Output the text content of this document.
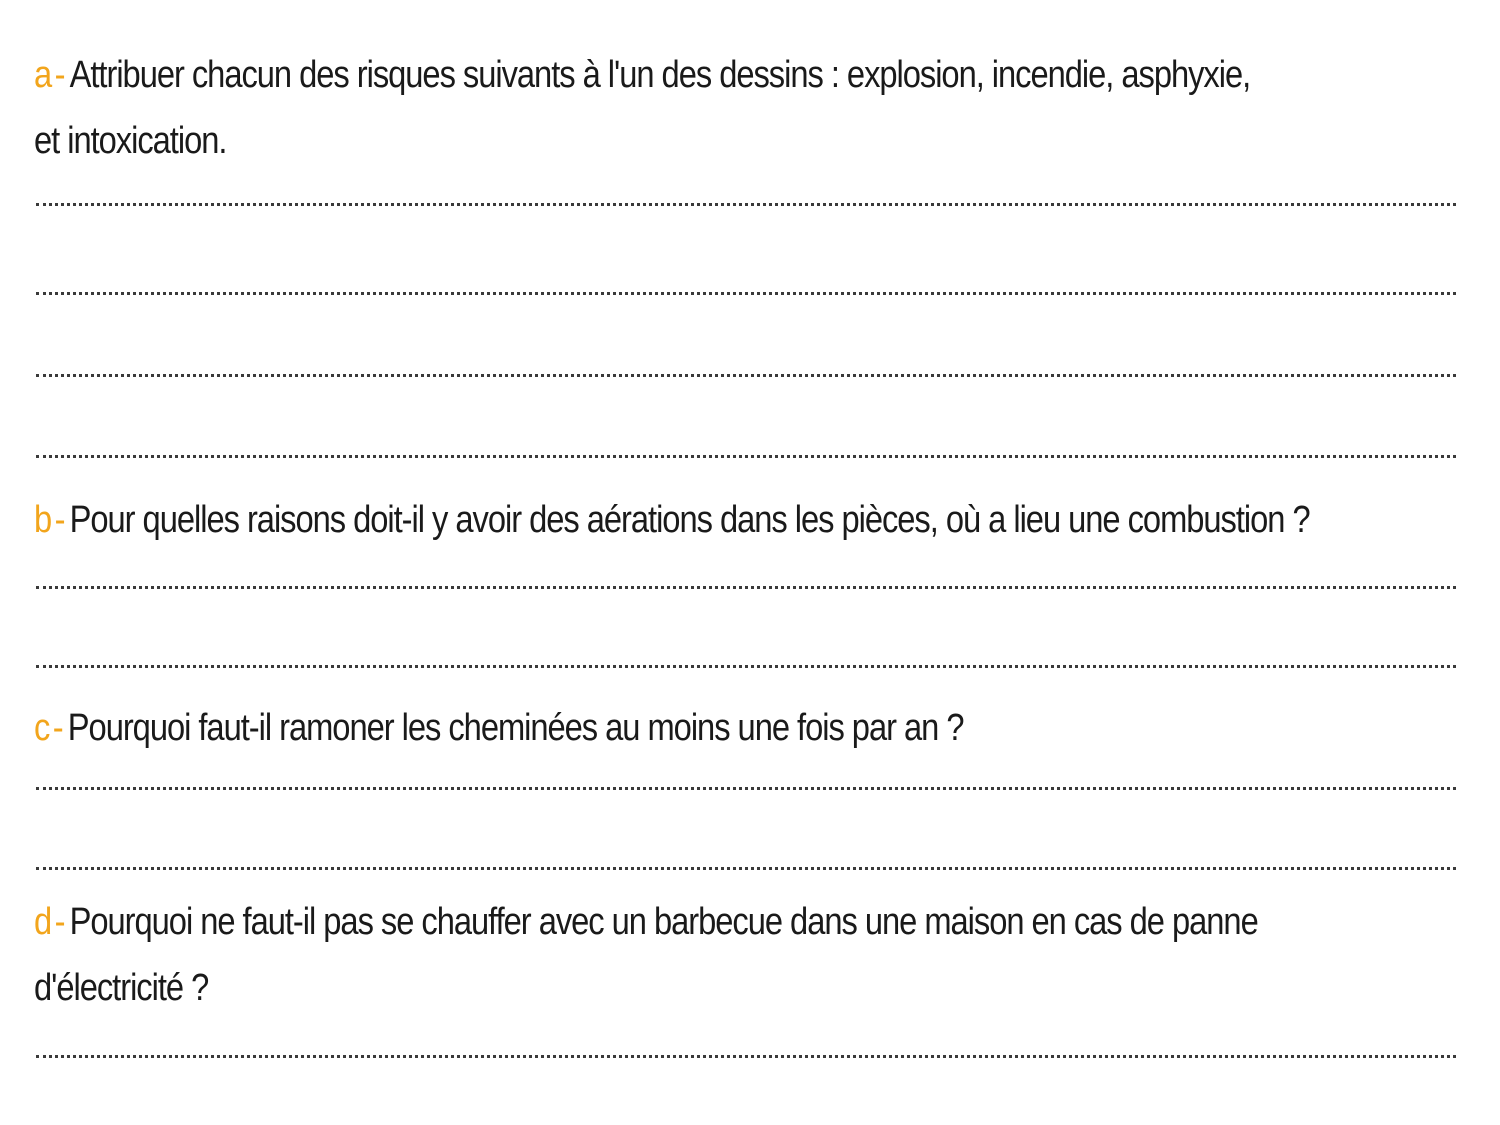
a- Attribuer chacun des risques suivants à l'un des dessins : explosion, incendie, asphyxie,
et intoxication.
b- Pour quelles raisons doit-il y avoir des aérations dans les pièces, où a lieu une combustion ?
c- Pourquoi faut-il ramoner les cheminées au moins une fois par an ?
d- Pourquoi ne faut-il pas se chauffer avec un barbecue dans une maison en cas de panne
d'électricité ?
